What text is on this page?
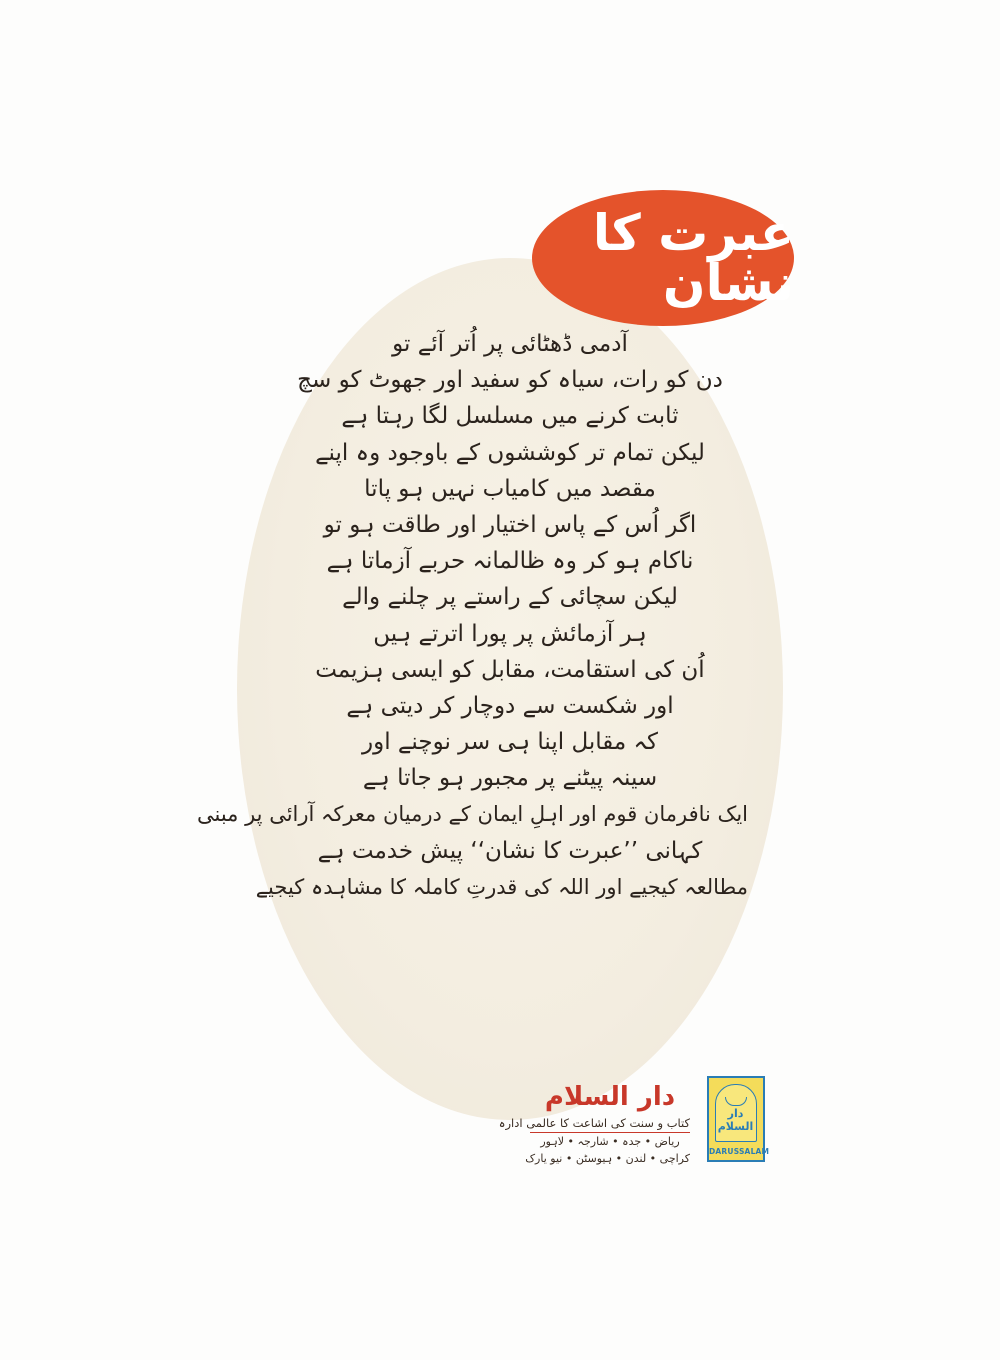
عبرت کا نشان
آدمی ڈھٹائی پر اُتر آئے تو
دن کو رات، سیاہ کو سفید اور جھوٹ کو سچ
ثابت کرنے میں مسلسل لگا رہتا ہے
لیکن تمام تر کوششوں کے باوجود وہ اپنے
مقصد میں کامیاب نہیں ہو پاتا
اگر اُس کے پاس اختیار اور طاقت ہو تو
ناکام ہو کر وہ ظالمانہ حربے آزماتا ہے
لیکن سچائی کے راستے پر چلنے والے
ہر آزمائش پر پورا اترتے ہیں
اُن کی استقامت، مقابل کو ایسی ہزیمت
اور شکست سے دوچار کر دیتی ہے
کہ مقابل اپنا ہی سر نوچنے اور
سینہ پیٹنے پر مجبور ہو جاتا ہے
ایک نافرمان قوم اور اہلِ ایمان کے درمیان معرکہ آرائی پر مبنی
کہانی ’’عبرت کا نشان‘‘ پیش خدمت ہے
مطالعہ کیجیے اور اللہ کی قدرتِ کاملہ کا مشاہدہ کیجیے
دار السلام
کتاب و سنت کی اشاعت کا عالمی ادارہ
ریاض • جدہ • شارجہ • لاہور
کراچی • لندن • ہیوسٹن • نیو یارک
دار السلام
DARUSSALAM
